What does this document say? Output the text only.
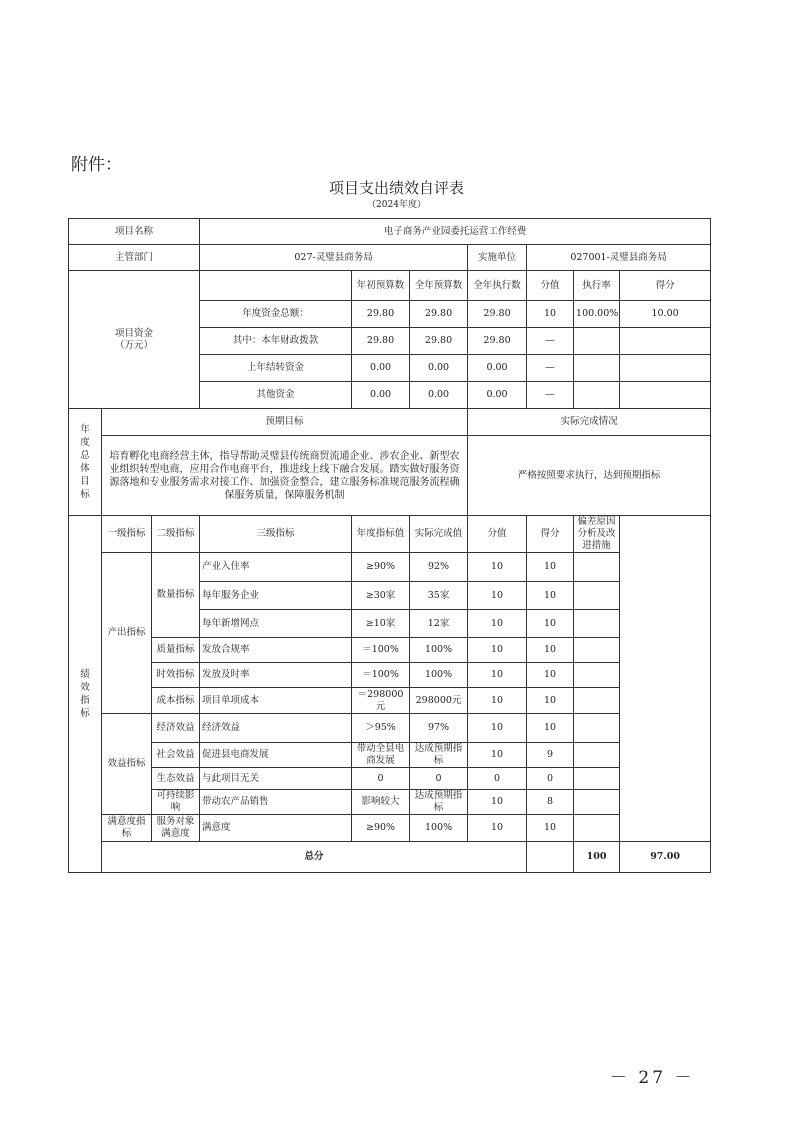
附件：
项目支出绩效自评表
（2024年度）
项目名称			电子商务产业园委托运营工作经费							
主管部门			027-灵璧县商务局			实施单位	027001-灵璧县商务局			

项目资金
（万元）				年初预算数	全年预算数	全年执行数	分值	执行率	得分	
			年度资金总额：	29.80	29.80	29.80	10	100.00%	10.00	
			其中：本年财政拨款	29.80	29.80	29.80	—			
			上年结转资金	0.00	0.00	0.00	—			
			其他资金	0.00	0.00	0.00	—			

年度总体目标	预期目标					实际完成情况				
	培育孵化电商经营主体，指导帮助灵璧县传统商贸流通企业、涉农企业、新型农业组织转型电商，应用合作电商平台，推进线上线下融合发展。踏实做好服务资源落地和专业服务需求对接工作、加强资金整合，建立服务标准规范服务流程确保服务质量，保障服务机制					严格按照要求执行，达到预期指标				

绩效指标	一级指标	二级指标	三级指标	年度指标值	实际完成值	分值	得分	偏差原因分析及改进措施		
	产出指标	数量指标	产业入住率	≥90%	92%	10	10			
			每年服务企业	≥30家	35家	10	10			
			每年新增网点	≥10家	12家	10	10			
		质量指标	发放合规率	＝100%	100%	10	10			
		时效指标	发放及时率	＝100%	100%	10	10			
		成本指标	项目单项成本	＝298000元	298000元	10	10			
	效益指标	经济效益	经济效益	＞95%	97%	10	10			
		社会效益	促进县电商发展	带动全县电商发展	达成预期指标	10	9			
		生态效益	与此项目无关	0	0	0	0			
		可持续影响	带动农产品销售	影响较大	达成预期指标	10	8			
	满意度指标	服务对象满意度	满意度	≥90%	100%	10	10			
	总分							100	97.00	
－ 27 －
